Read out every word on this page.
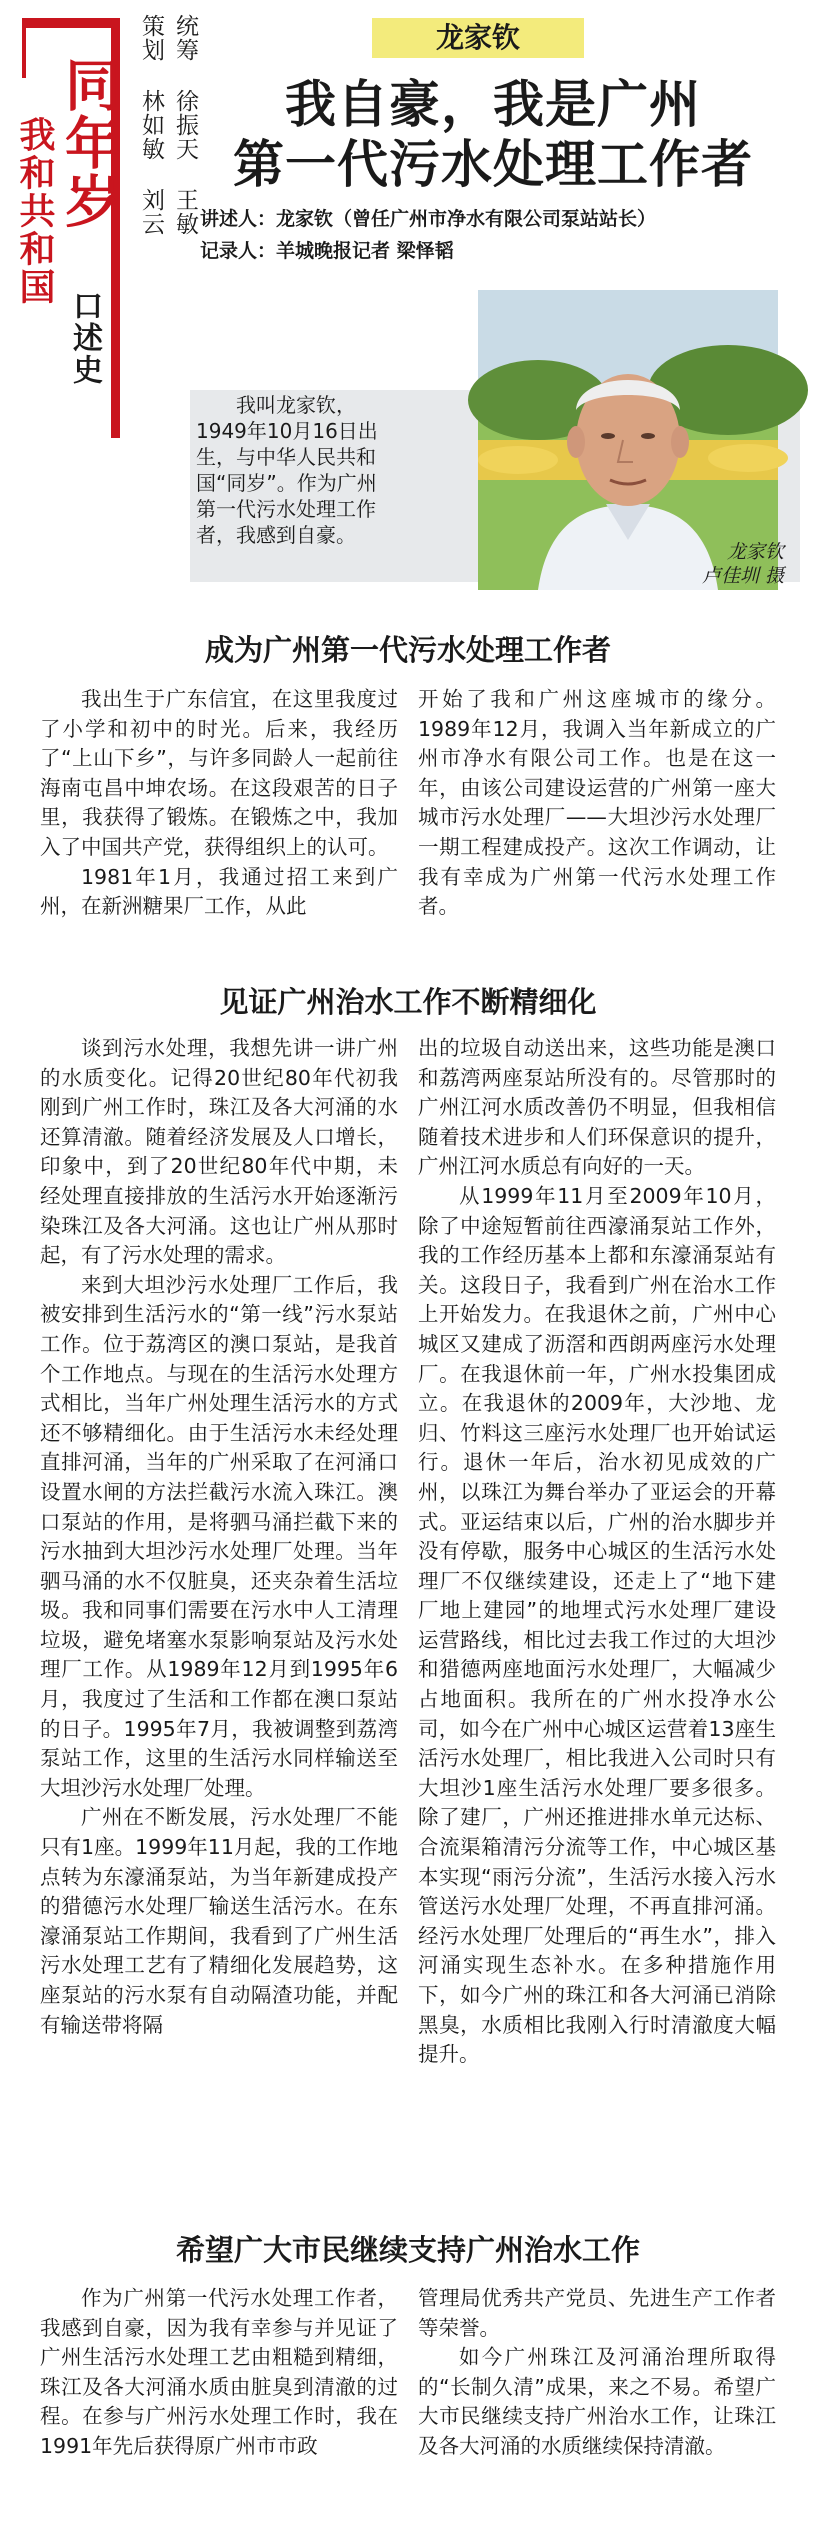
同年岁
我和共和国
口述史
策划 林如敏 刘云 统筹 徐振天 王敏	龙家钦
我自豪，我是广州
第一代污水处理工作者
讲述人：龙家钦（曾任广州市净水有限公司泵站站长）
记录人：羊城晚报记者 梁怿韬
我叫龙家钦，
1949年10月16日出
生，与中华人民共和
国“同岁”。作为广州
第一代污水处理工作
者，我感到自豪。
龙家钦
卢佳圳 摄
成为广州第一代污水处理工作者

我出生于广东信宜，在这里我度过了小学和初中的时光。后来，我经历了“上山下乡”，与许多同龄人一起前往海南屯昌中坤农场。在这段艰苦的日子里，我获得了锻炼。在锻炼之中，我加入了中国共产党，获得组织上的认可。

1981年1月，我通过招工来到广州，在新洲糖果厂工作，从此

开始了我和广州这座城市的缘分。1989年12月，我调入当年新成立的广州市净水有限公司工作。也是在这一年，由该公司建设运营的广州第一座大城市污水处理厂——大坦沙污水处理厂一期工程建成投产。这次工作调动，让我有幸成为广州第一代污水处理工作者。

见证广州治水工作不断精细化

谈到污水处理，我想先讲一讲广州的水质变化。记得20世纪80年代初我刚到广州工作时，珠江及各大河涌的水还算清澈。随着经济发展及人口增长，印象中，到了20世纪80年代中期，未经处理直接排放的生活污水开始逐渐污染珠江及各大河涌。这也让广州从那时起，有了污水处理的需求。

来到大坦沙污水处理厂工作后，我被安排到生活污水的“第一线”污水泵站工作。位于荔湾区的澳口泵站，是我首个工作地点。与现在的生活污水处理方式相比，当年广州处理生活污水的方式还不够精细化。由于生活污水未经处理直排河涌，当年的广州采取了在河涌口设置水闸的方法拦截污水流入珠江。澳口泵站的作用，是将驷马涌拦截下来的污水抽到大坦沙污水处理厂处理。当年驷马涌的水不仅脏臭，还夹杂着生活垃圾。我和同事们需要在污水中人工清理垃圾，避免堵塞水泵影响泵站及污水处理厂工作。从1989年12月到1995年6月，我度过了生活和工作都在澳口泵站的日子。1995年7月，我被调整到荔湾泵站工作，这里的生活污水同样输送至大坦沙污水处理厂处理。

广州在不断发展，污水处理厂不能只有1座。1999年11月起，我的工作地点转为东濠涌泵站，为当年新建成投产的猎德污水处理厂输送生活污水。在东濠涌泵站工作期间，我看到了广州生活污水处理工艺有了精细化发展趋势，这座泵站的污水泵有自动隔渣功能，并配有输送带将隔

出的垃圾自动送出来，这些功能是澳口和荔湾两座泵站所没有的。尽管那时的广州江河水质改善仍不明显，但我相信随着技术进步和人们环保意识的提升，广州江河水质总有向好的一天。

从1999年11月至2009年10月，除了中途短暂前往西濠涌泵站工作外，我的工作经历基本上都和东濠涌泵站有关。这段日子，我看到广州在治水工作上开始发力。在我退休之前，广州中心城区又建成了沥滘和西朗两座污水处理厂。在我退休前一年，广州水投集团成立。在我退休的2009年，大沙地、龙归、竹料这三座污水处理厂也开始试运行。退休一年后，治水初见成效的广州，以珠江为舞台举办了亚运会的开幕式。亚运结束以后，广州的治水脚步并没有停歇，服务中心城区的生活污水处理厂不仅继续建设，还走上了“地下建厂地上建园”的地埋式污水处理厂建设运营路线，相比过去我工作过的大坦沙和猎德两座地面污水处理厂，大幅减少占地面积。我所在的广州水投净水公司，如今在广州中心城区运营着13座生活污水处理厂，相比我进入公司时只有大坦沙1座生活污水处理厂要多很多。除了建厂，广州还推进排水单元达标、合流渠箱清污分流等工作，中心城区基本实现“雨污分流”，生活污水接入污水管送污水处理厂处理，不再直排河涌。经污水处理厂处理后的“再生水”，排入河涌实现生态补水。在多种措施作用下，如今广州的珠江和各大河涌已消除黑臭，水质相比我刚入行时清澈度大幅提升。

希望广大市民继续支持广州治水工作

作为广州第一代污水处理工作者，我感到自豪，因为我有幸参与并见证了广州生活污水处理工艺由粗糙到精细，珠江及各大河涌水质由脏臭到清澈的过程。在参与广州污水处理工作时，我在1991年先后获得原广州市市政

管理局优秀共产党员、先进生产工作者等荣誉。

如今广州珠江及河涌治理所取得的“长制久清”成果，来之不易。希望广大市民继续支持广州治水工作，让珠江及各大河涌的水质继续保持清澈。
